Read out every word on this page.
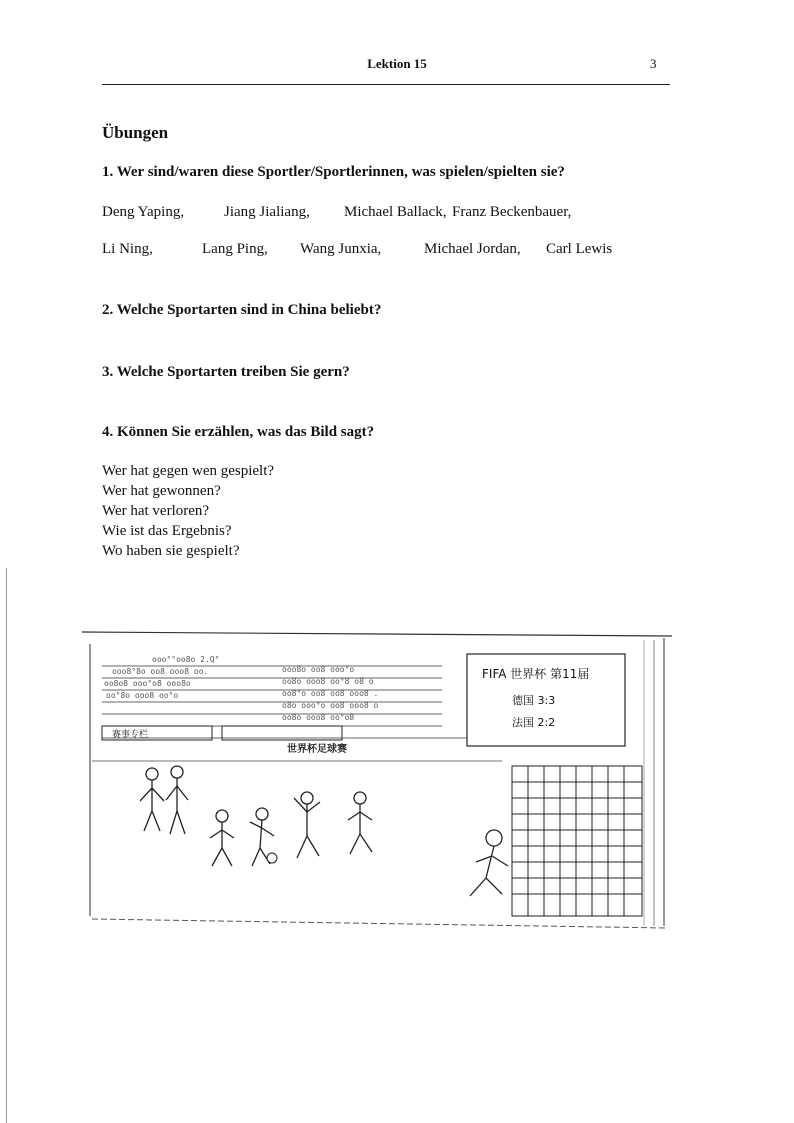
Lektion 15	3
Übungen
1. Wer sind/waren diese Sportler/Sportlerinnen, was spielen/spielten sie?
Deng Yaping,	Jiang Jialiang, Michael Ballack, Franz Beckenbauer,
Li Ning,	Lang Ping, Wang Junxia,	Michael Jordan, Carl Lewis
2. Welche Sportarten sind in China beliebt?
3. Welche Sportarten treiben Sie gern?
4. Können Sie erzählen, was das Bild sagt?
Wer hat gegen wen gespielt?
Wer hat gewonnen?
Wer hat verloren?
Wie ist das Ergebnis?
Wo haben sie gespielt?
ooo°°oo8o 2.Q°
ooo8°8o oo8 ooo8 oo.
oo8o8 ooo°o8 ooo8o
oo°8o ooo8 oo°o
ooo8o oo8 ooo°o
oo8o ooo8 oo°8 o8 o
oo8°o oo8 oo8 ooo8 .
o8o ooo°o oo8 ooo8 o
oo8o ooo8 oo°o8
世界杯足球赛
赛事专栏
FIFA 世界杯 第11届
德国 3:3
法国 2:2
